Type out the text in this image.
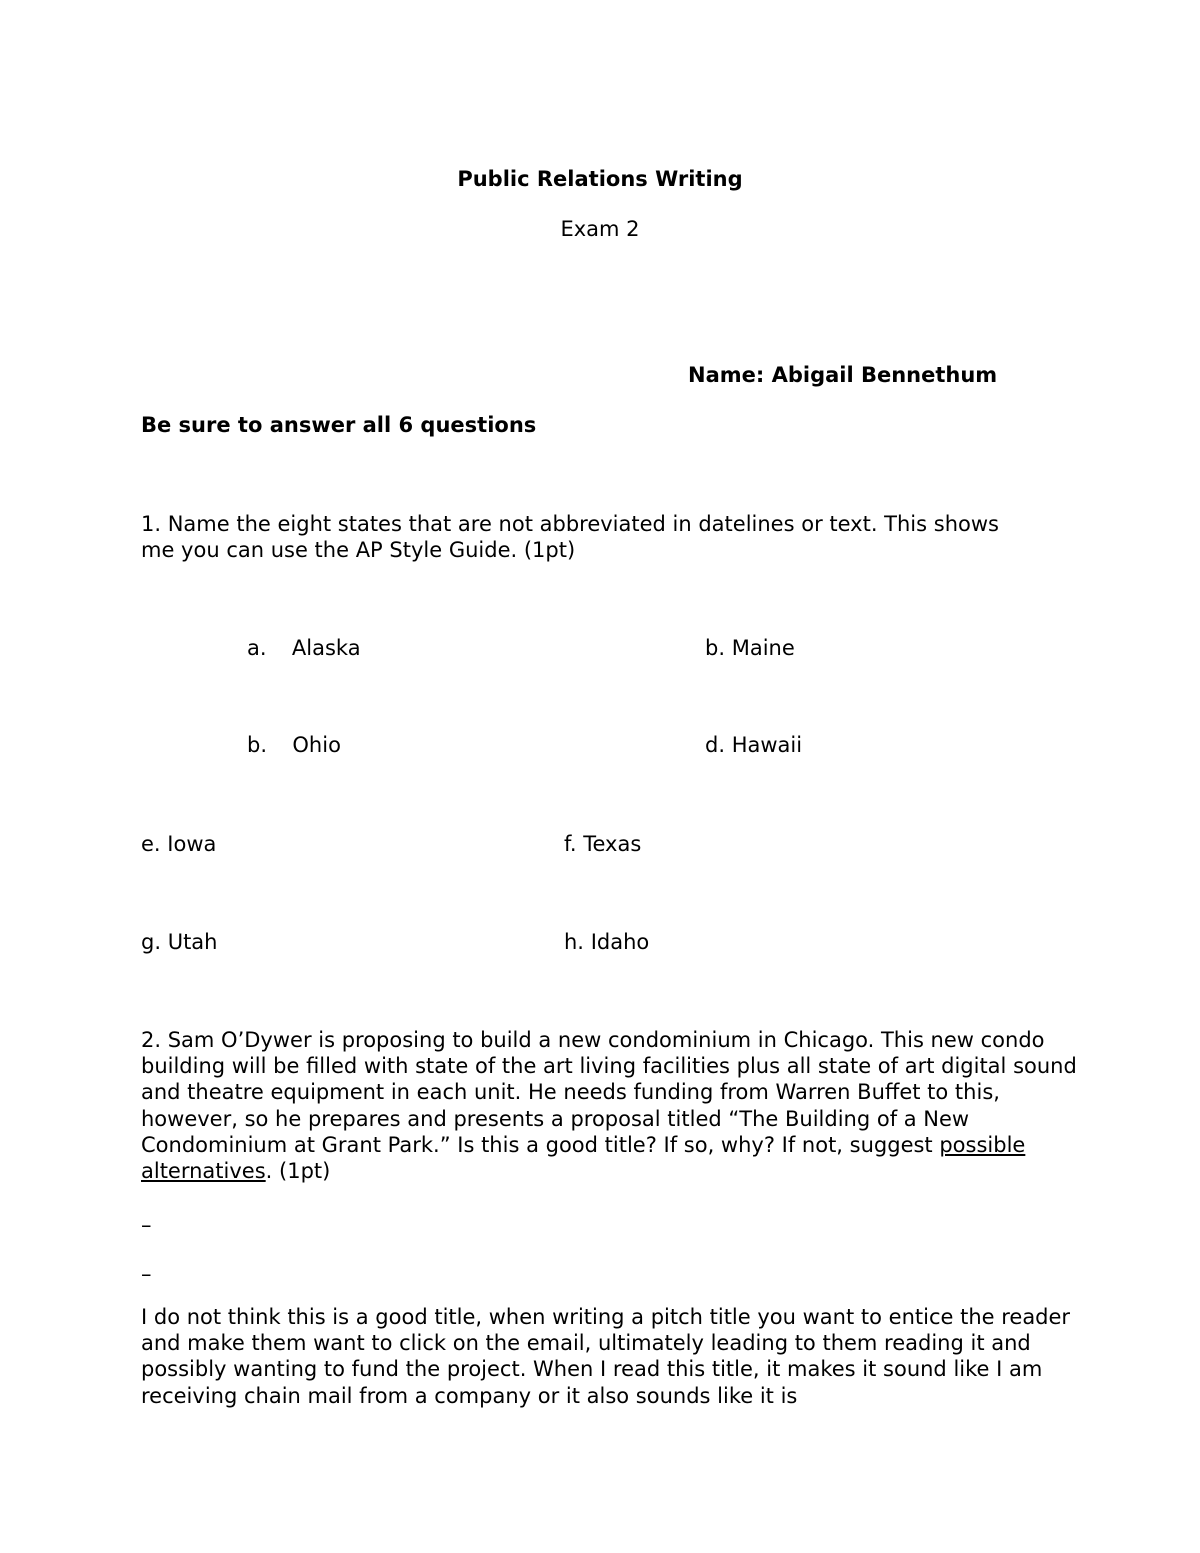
Public Relations Writing
Exam 2
Name: Abigail Bennethum
Be sure to answer all 6 questions
1. Name the eight states that are not abbreviated in datelines or text. This shows
me you can use the AP Style Guide. (1pt)
a. Alaska	b. Maine
b. Ohio	d. Hawaii
e. Iowa	f. Texas
g. Utah	h. Idaho
2. Sam O’Dywer is proposing to build a new condominium in Chicago. This new condo building will be filled with state of the art living facilities plus all state of art digital sound and theatre equipment in each unit. He needs funding from Warren Buffet to this, however, so he prepares and presents a proposal titled “The Building of a New Condominium at Grant Park.” Is this a good title? If so, why? If not, suggest possible alternatives. (1pt)
–
–
I do not think this is a good title, when writing a pitch title you want to entice the reader and make them want to click on the email, ultimately leading to them reading it and possibly wanting to fund the project. When I read this title, it makes it sound like I am receiving chain mail from a company or it also sounds like it is
